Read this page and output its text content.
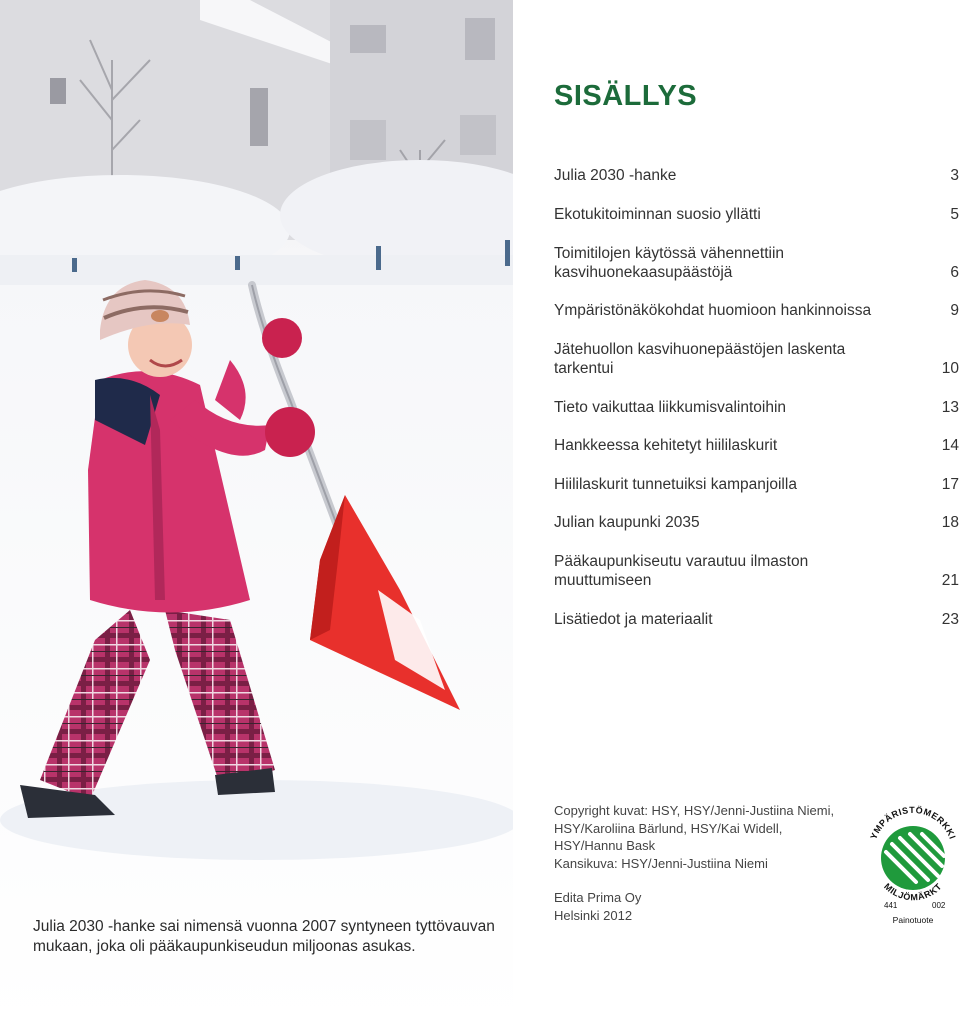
Julia 2030 -hanke sai nimensä vuonna 2007 syntyneen tyttövauvan mukaan, joka oli pääkaupunkiseudun miljoonas asukas.
SISÄLLYS
Julia 2030 -hanke	3
Ekotukitoiminnan suosio yllätti	5
Toimitilojen käytössä vähennettiin kasvihuonekaasupäästöjä	6
Ympäristönäkökohdat huomioon hankinnoissa	9
Jätehuollon kasvihuonepäästöjen laskenta tarkentui	10
Tieto vaikuttaa liikkumisvalintoihin	13
Hankkeessa kehitetyt hiililaskurit	14
Hiililaskurit tunnetuiksi kampanjoilla	17
Julian kaupunki 2035	18
Pääkaupunkiseutu varautuu ilmaston muuttumiseen	21
Lisätiedot ja materiaalit	23
Copyright kuvat: HSY, HSY/Jenni-Justiina Niemi,
HSY/Karoliina Bärlund, HSY/Kai Widell,
HSY/Hannu Bask
Kansikuva: HSY/Jenni-Justiina Niemi
Edita Prima Oy
Helsinki 2012
YMPÄRISTÖMERKKI
MILJÖMÄRKT
441	002
Painotuote
